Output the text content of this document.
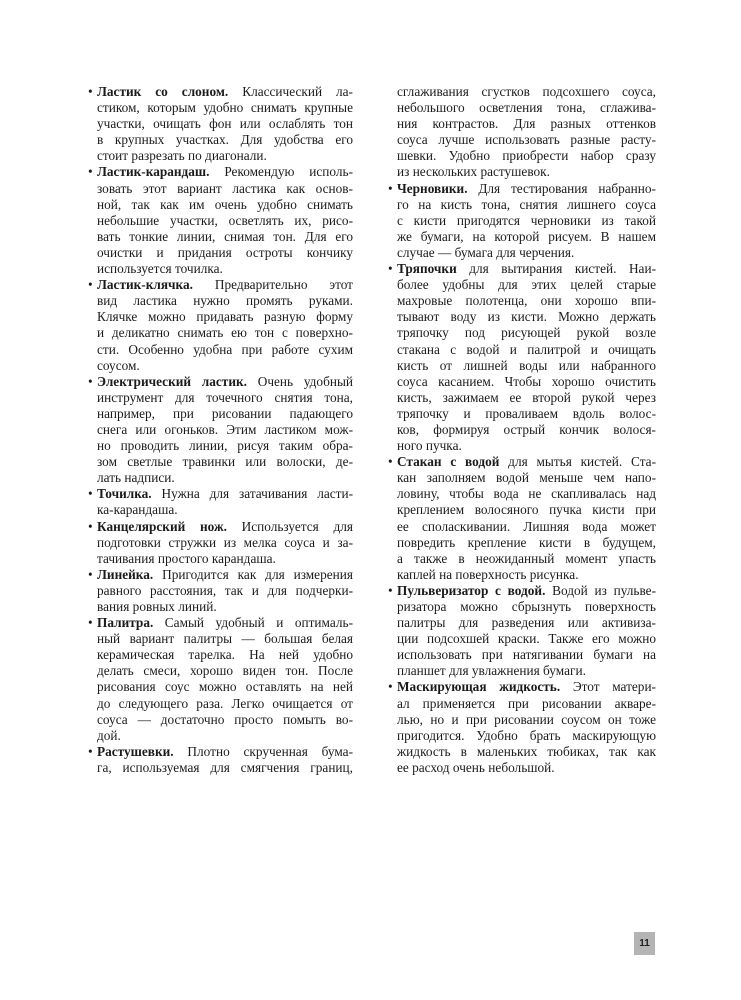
• Ластик со слоном. Классический ла-
стиком, которым удобно снимать крупные
участки, очищать фон или ослаблять тон
в крупных участках. Для удобства его
стоит разрезать по диагонали.
• Ластик-карандаш. Рекомендую исполь-
зовать этот вариант ластика как основ-
ной, так как им очень удобно снимать
небольшие участки, осветлять их, рисо-
вать тонкие линии, снимая тон. Для его
очистки и придания остроты кончику
используется точилка.
• Ластик-клячка. Предварительно этот
вид ластика нужно промять руками.
Клячке можно придавать разную форму
и деликатно снимать ею тон с поверхно-
сти. Особенно удобна при работе сухим
соусом.
• Электрический ластик. Очень удобный
инструмент для точечного снятия тона,
например, при рисовании падающего
снега или огоньков. Этим ластиком мож-
но проводить линии, рисуя таким обра-
зом светлые травинки или волоски, де-
лать надписи.
• Точилка. Нужна для затачивания ласти-
ка-карандаша.
• Канцелярский нож. Используется для
подготовки стружки из мелка соуса и за-
тачивания простого карандаша.
• Линейка. Пригодится как для измерения
равного расстояния, так и для подчерки-
вания ровных линий.
• Палитра. Самый удобный и оптималь-
ный вариант палитры — большая белая
керамическая тарелка. На ней удобно
делать смеси, хорошо виден тон. После
рисования соус можно оставлять на ней
до следующего раза. Легко очищается от
соуса — достаточно просто помыть во-
дой.
• Растушевки. Плотно скрученная бума-
га, используемая для смягчения границ,
сглаживания сгустков подсохшего соуса,
небольшого осветления тона, сглажива-
ния контрастов. Для разных оттенков
соуса лучше использовать разные расту-
шевки. Удобно приобрести набор сразу
из нескольких растушевок.
• Черновики. Для тестирования набранно-
го на кисть тона, снятия лишнего соуса
с кисти пригодятся черновики из такой
же бумаги, на которой рисуем. В нашем
случае — бумага для черчения.
• Тряпочки для вытирания кистей. Наи-
более удобны для этих целей старые
махровые полотенца, они хорошо впи-
тывают воду из кисти. Можно держать
тряпочку под рисующей рукой возле
стакана с водой и палитрой и очищать
кисть от лишней воды или набранного
соуса касанием. Чтобы хорошо очистить
кисть, зажимаем ее второй рукой через
тряпочку и проваливаем вдоль волос-
ков, формируя острый кончик волося-
ного пучка.
• Стакан с водой для мытья кистей. Ста-
кан заполняем водой меньше чем напо-
ловину, чтобы вода не скапливалась над
креплением волосяного пучка кисти при
ее споласкивании. Лишняя вода может
повредить крепление кисти в будущем,
а также в неожиданный момент упасть
каплей на поверхность рисунка.
• Пульверизатор с водой. Водой из пульве-
ризатора можно сбрызнуть поверхность
палитры для разведения или активиза-
ции подсохшей краски. Также его можно
использовать при натягивании бумаги на
планшет для увлажнения бумаги.
• Маскирующая жидкость. Этот матери-
ал применяется при рисовании акваре-
лью, но и при рисовании соусом он тоже
пригодится. Удобно брать маскирующую
жидкость в маленьких тюбиках, так как
ее расход очень небольшой.
11
